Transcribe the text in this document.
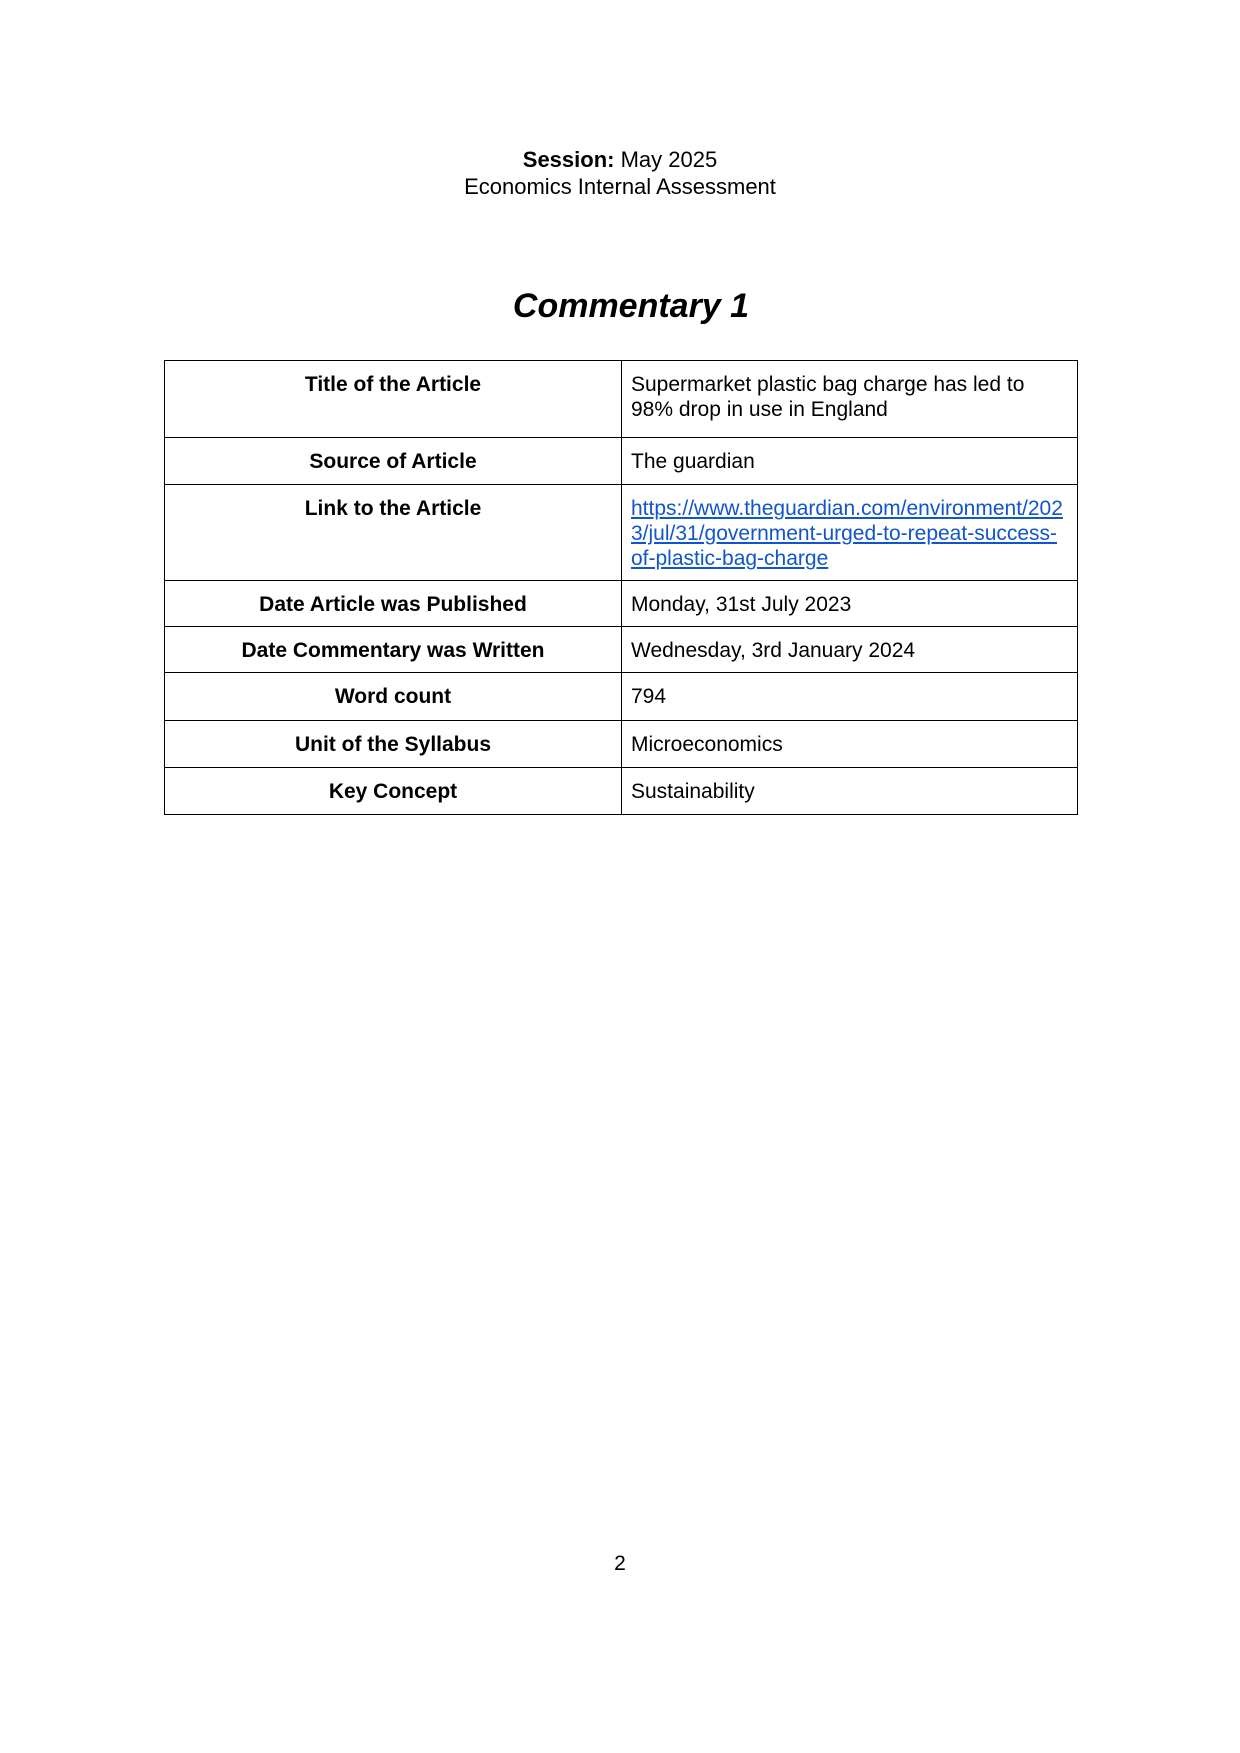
Session: May 2025
Economics Internal Assessment
Commentary 1
Title of the Article	Supermarket plastic bag charge has led to 98% drop in use in England
Source of Article	The guardian
Link to the Article	https://www.theguardian.com/environment/2023/jul/31/government-urged-to-repeat-success-of-plastic-bag-charge
Date Article was Published	Monday, 31st July 2023
Date Commentary was Written	Wednesday, 3rd January 2024
Word count	794
Unit of the Syllabus	Microeconomics
Key Concept	Sustainability
2
